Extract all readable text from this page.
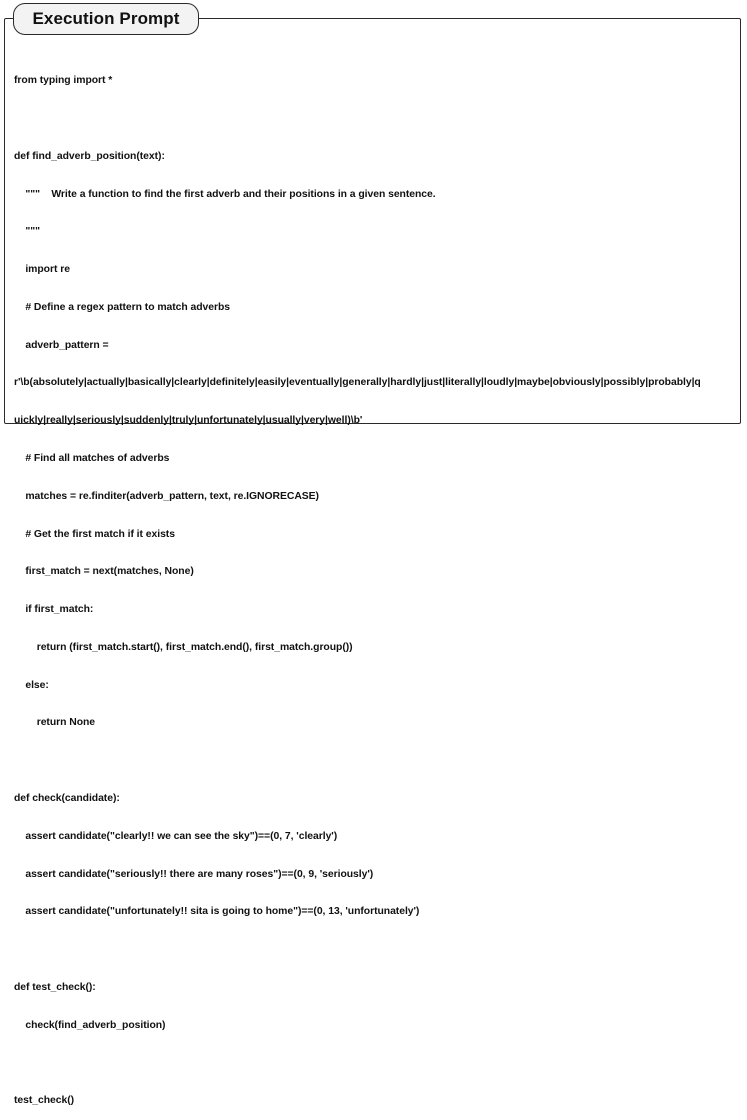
Execution Prompt

from typing import *

def find_adverb_position(text):

"""    Write a function to find the first adverb and their positions in a given sentence.

"""

import re

# Define a regex pattern to match adverbs

adverb_pattern =

r'\b(absolutely|actually|basically|clearly|definitely|easily|eventually|generally|hardly|just|literally|loudly|maybe|obviously|possibly|probably|q

uickly|really|seriously|suddenly|truly|unfortunately|usually|very|well)\b'

# Find all matches of adverbs

matches = re.finditer(adverb_pattern, text, re.IGNORECASE)

# Get the first match if it exists

first_match = next(matches, None)

if first_match:

return (first_match.start(), first_match.end(), first_match.group())

else:

return None

def check(candidate):

assert candidate("clearly!! we can see the sky")==(0, 7, 'clearly')

assert candidate("seriously!! there are many roses")==(0, 9, 'seriously')

assert candidate("unfortunately!! sita is going to home")==(0, 13, 'unfortunately')

def test_check():

check(find_adverb_position)

test_check()
